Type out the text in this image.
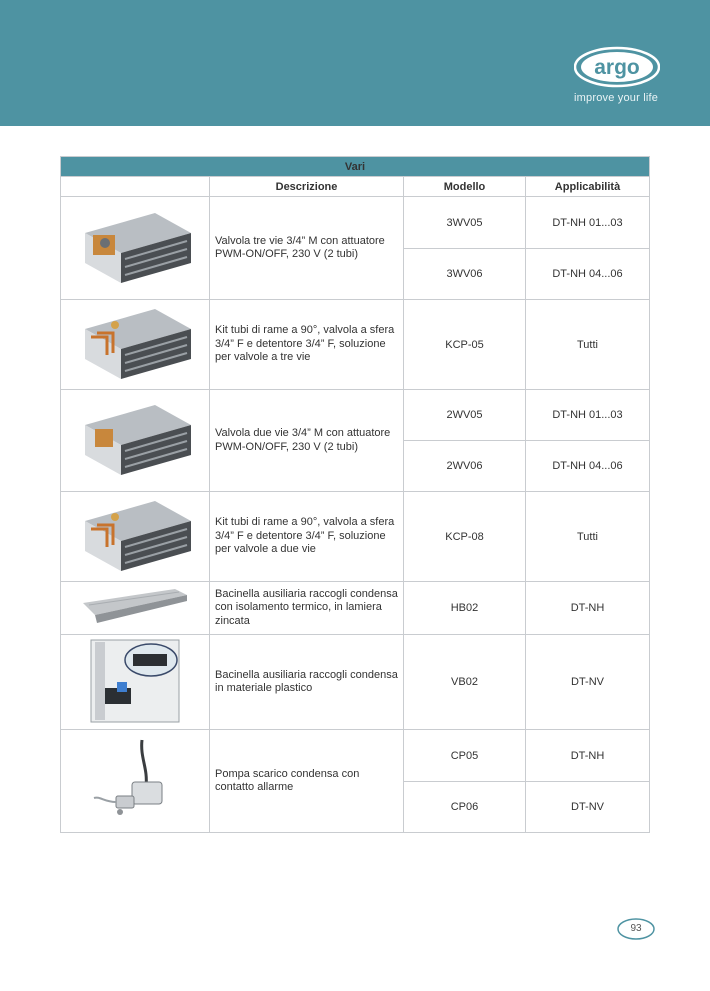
argo
improve your life
Vari			
	Descrizione	Modello	Applicabilità
	Valvola tre vie 3/4” M con attuatore PWM-ON/OFF, 230 V (2 tubi)	3WV05	DT-NH 01...03
		3WV06	DT-NH 04...06
	Kit tubi di rame a 90°, valvola a sfera 3/4” F e detentore 3/4” F, soluzione per valvole a tre vie	KCP-05	Tutti
	Valvola due vie 3/4” M con attuatore PWM-ON/OFF, 230 V (2 tubi)	2WV05	DT-NH 01...03
		2WV06	DT-NH 04...06
	Kit tubi di rame a 90°, valvola a sfera 3/4” F e detentore 3/4” F, soluzione per valvole a due vie	KCP-08	Tutti
	Bacinella ausiliaria raccogli condensa con isolamento termico, in lamiera zincata	HB02	DT-NH
	Bacinella ausiliaria raccogli condensa in materiale plastico	VB02	DT-NV
	Pompa scarico condensa con contatto allarme	CP05	DT-NH
		CP06	DT-NV
93
